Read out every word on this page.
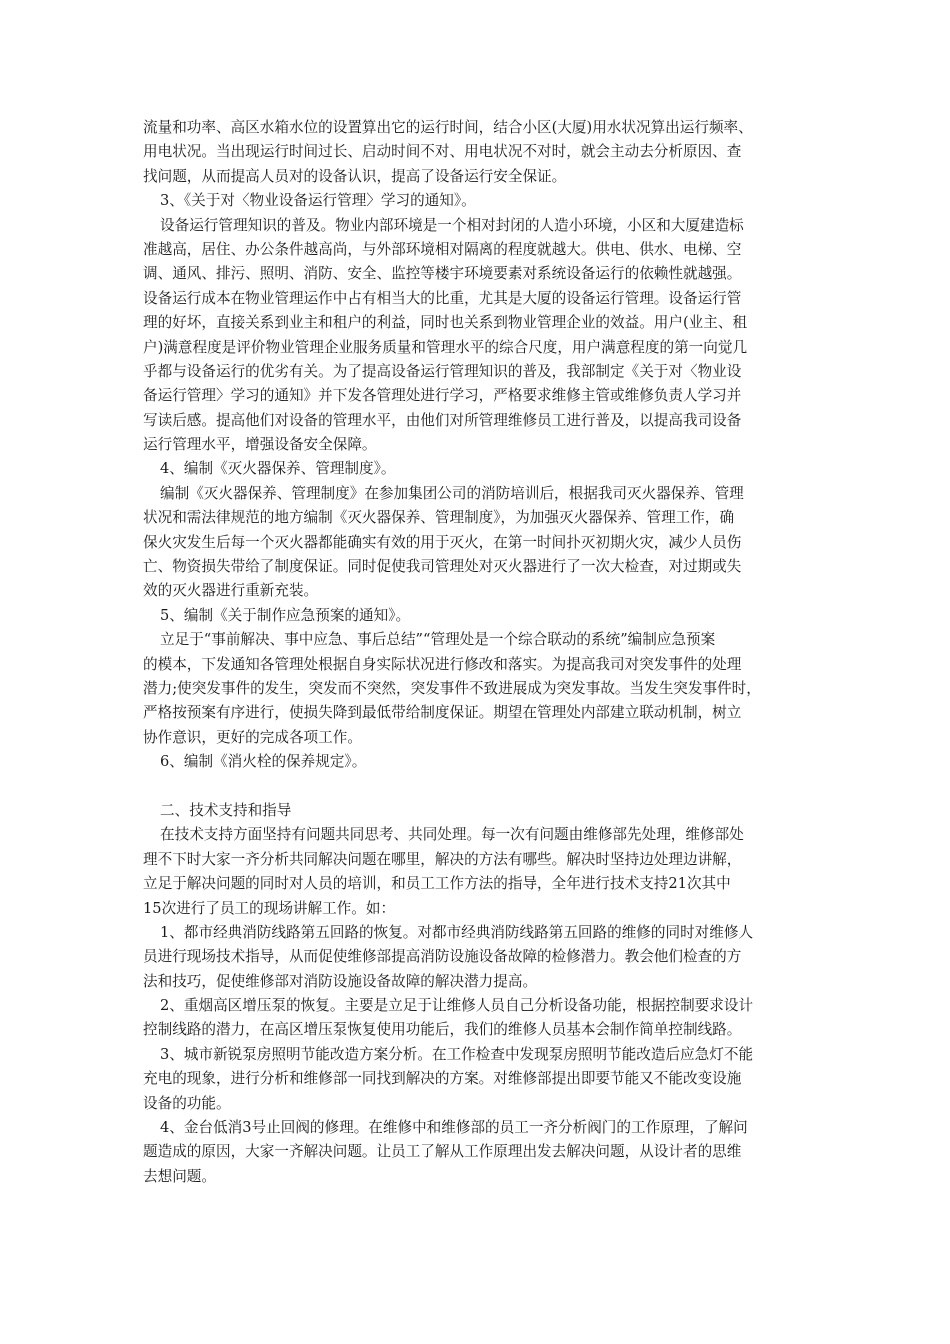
流量和功率、高区水箱水位的设置算出它的运行时间，结合小区(大厦)用水状况算出运行频率、
用电状况。当出现运行时间过长、启动时间不对、用电状况不对时，就会主动去分析原因、查
找问题，从而提高人员对的设备认识，提高了设备运行安全保证。
3、《关于对〈物业设备运行管理〉学习的通知》。
设备运行管理知识的普及。物业内部环境是一个相对封闭的人造小环境，小区和大厦建造标
准越高，居住、办公条件越高尚，与外部环境相对隔离的程度就越大。供电、供水、电梯、空
调、通风、排污、照明、消防、安全、监控等楼宇环境要素对系统设备运行的依赖性就越强。
设备运行成本在物业管理运作中占有相当大的比重，尤其是大厦的设备运行管理。设备运行管
理的好坏，直接关系到业主和租户的利益，同时也关系到物业管理企业的效益。用户(业主、租
户)满意程度是评价物业管理企业服务质量和管理水平的综合尺度，用户满意程度的第一向觉几
乎都与设备运行的优劣有关。为了提高设备运行管理知识的普及，我部制定《关于对〈物业设
备运行管理〉学习的通知》并下发各管理处进行学习，严格要求维修主管或维修负责人学习并
写读后感。提高他们对设备的管理水平，由他们对所管理维修员工进行普及，以提高我司设备
运行管理水平，增强设备安全保障。
4、编制《灭火器保养、管理制度》。
编制《灭火器保养、管理制度》在参加集团公司的消防培训后，根据我司灭火器保养、管理
状况和需法律规范的地方编制《灭火器保养、管理制度》，为加强灭火器保养、管理工作，确
保火灾发生后每一个灭火器都能确实有效的用于灭火，在第一时间扑灭初期火灾，减少人员伤
亡、物资损失带给了制度保证。同时促使我司管理处对灭火器进行了一次大检查，对过期或失
效的灭火器进行重新充装。
5、编制《关于制作应急预案的通知》。
立足于“事前解决、事中应急、事后总结”“管理处是一个综合联动的系统”编制应急预案
的模本，下发通知各管理处根据自身实际状况进行修改和落实。为提高我司对突发事件的处理
潜力;使突发事件的发生，突发而不突然，突发事件不致进展成为突发事故。当发生突发事件时，
严格按预案有序进行，使损失降到最低带给制度保证。期望在管理处内部建立联动机制，树立
协作意识，更好的完成各项工作。
6、编制《消火栓的保养规定》。
二、技术支持和指导
在技术支持方面坚持有问题共同思考、共同处理。每一次有问题由维修部先处理，维修部处
理不下时大家一齐分析共同解决问题在哪里，解决的方法有哪些。解决时坚持边处理边讲解，
立足于解决问题的同时对人员的培训，和员工工作方法的指导，全年进行技术支持21次其中
15次进行了员工的现场讲解工作。如：
1、都市经典消防线路第五回路的恢复。对都市经典消防线路第五回路的维修的同时对维修人
员进行现场技术指导，从而促使维修部提高消防设施设备故障的检修潜力。教会他们检查的方
法和技巧，促使维修部对消防设施设备故障的解决潜力提高。
2、重烟高区增压泵的恢复。主要是立足于让维修人员自己分析设备功能，根据控制要求设计
控制线路的潜力，在高区增压泵恢复使用功能后，我们的维修人员基本会制作简单控制线路。
3、城市新锐泵房照明节能改造方案分析。在工作检查中发现泵房照明节能改造后应急灯不能
充电的现象，进行分析和维修部一同找到解决的方案。对维修部提出即要节能又不能改变设施
设备的功能。
4、金台低消3号止回阀的修理。在维修中和维修部的员工一齐分析阀门的工作原理，了解问
题造成的原因，大家一齐解决问题。让员工了解从工作原理出发去解决问题，从设计者的思维
去想问题。
